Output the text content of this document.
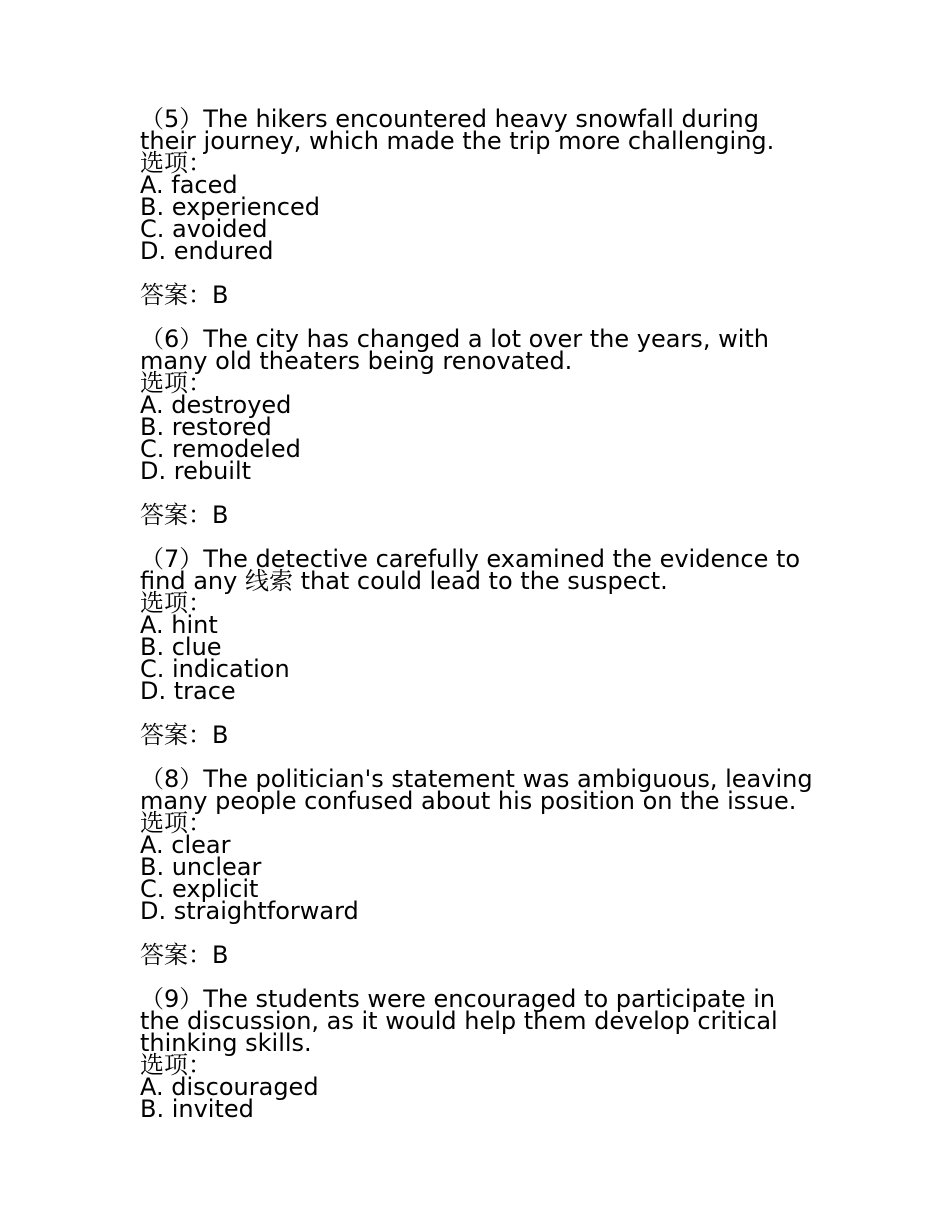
（5）The hikers encountered heavy snowfall during
their journey, which made the trip more challenging.
选项：
A. faced
B. experienced
C. avoided
D. endured
答案：B
（6）The city has changed a lot over the years, with
many old theaters being renovated.
选项：
A. destroyed
B. restored
C. remodeled
D. rebuilt
答案：B
（7）The detective carefully examined the evidence to
find any 线索 that could lead to the suspect.
选项：
A. hint
B. clue
C. indication
D. trace
答案：B
（8）The politician's statement was ambiguous, leaving
many people confused about his position on the issue.
选项：
A. clear
B. unclear
C. explicit
D. straightforward
答案：B
（9）The students were encouraged to participate in
the discussion, as it would help them develop critical
thinking skills.
选项：
A. discouraged
B. invited
